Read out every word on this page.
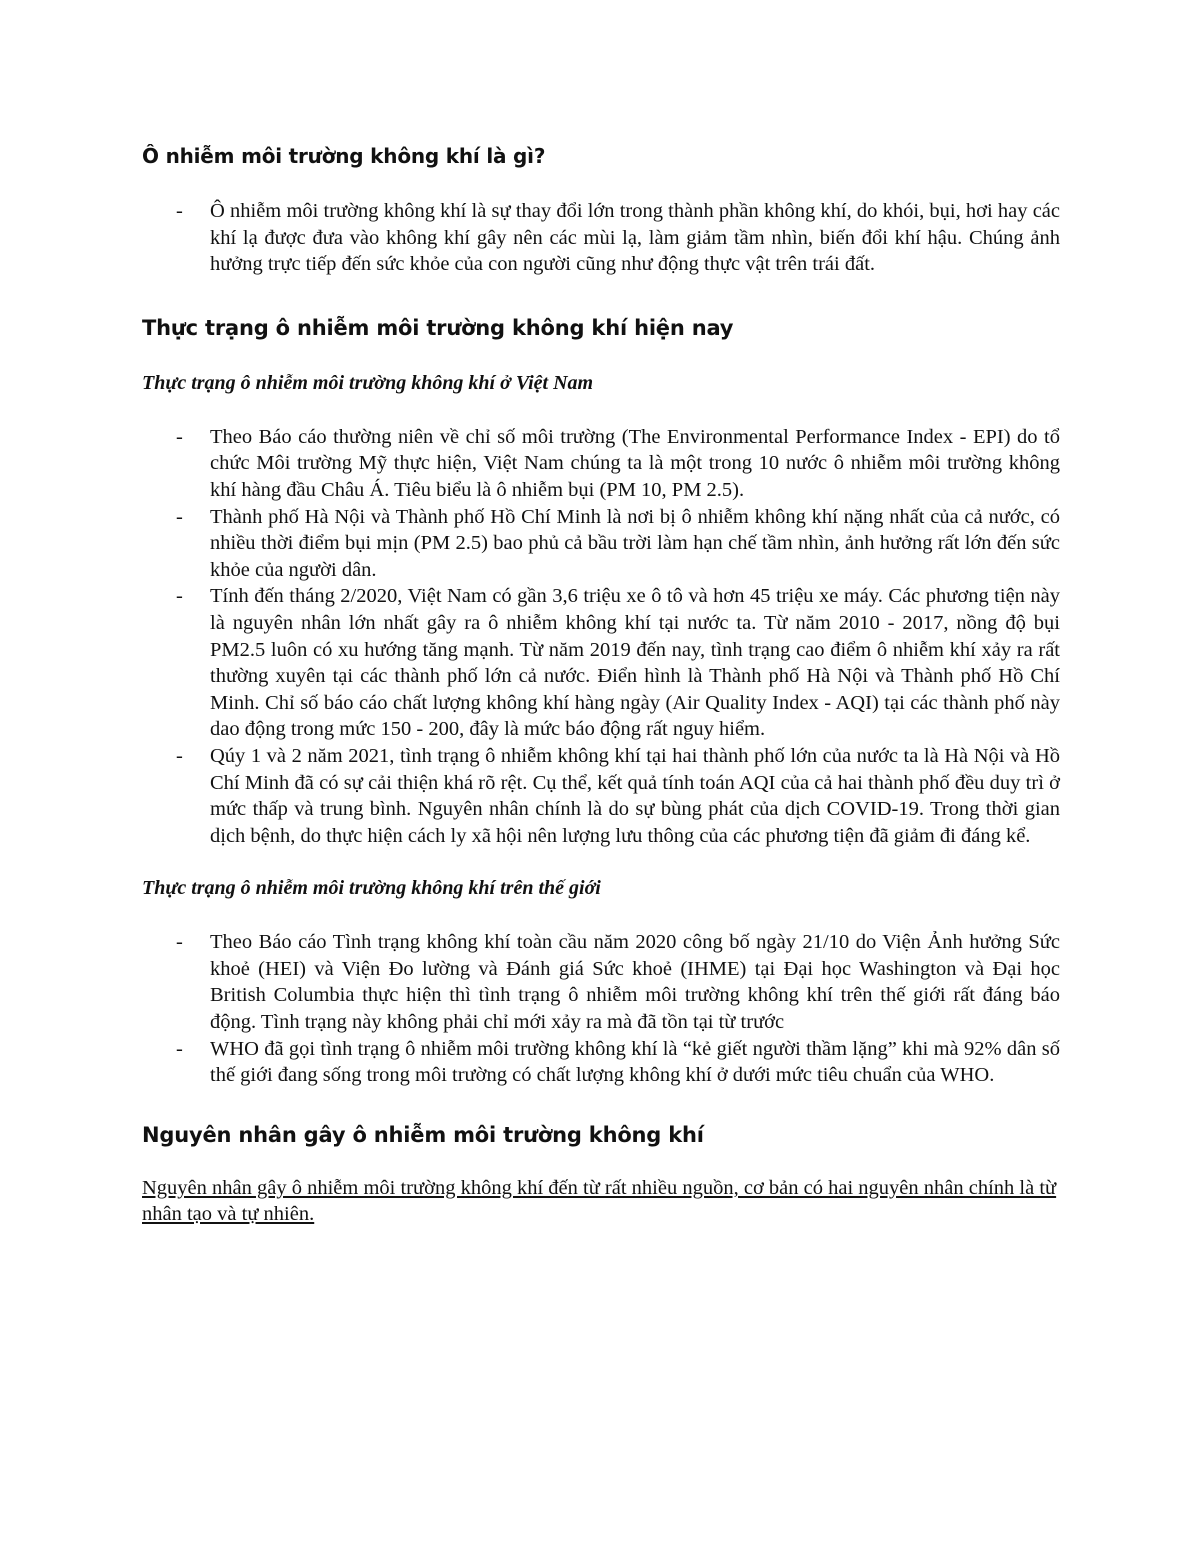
Ô nhiễm môi trường không khí là gì?
- Ô nhiễm môi trường không khí là sự thay đổi lớn trong thành phần không khí, do khói, bụi, hơi hay các khí lạ được đưa vào không khí gây nên các mùi lạ, làm giảm tầm nhìn, biến đổi khí hậu. Chúng ảnh hưởng trực tiếp đến sức khỏe của con người cũng như động thực vật trên trái đất.
Thực trạng ô nhiễm môi trường không khí hiện nay
Thực trạng ô nhiễm môi trường không khí ở Việt Nam
- Theo Báo cáo thường niên về chỉ số môi trường (The Environmental Performance Index - EPI) do tổ chức Môi trường Mỹ thực hiện, Việt Nam chúng ta là một trong 10 nước ô nhiễm môi trường không khí hàng đầu Châu Á. Tiêu biểu là ô nhiễm bụi (PM 10, PM 2.5).
- Thành phố Hà Nội và Thành phố Hồ Chí Minh là nơi bị ô nhiễm không khí nặng nhất của cả nước, có nhiều thời điểm bụi mịn (PM 2.5) bao phủ cả bầu trời làm hạn chế tầm nhìn, ảnh hưởng rất lớn đến sức khỏe của người dân.
- Tính đến tháng 2/2020, Việt Nam có gần 3,6 triệu xe ô tô và hơn 45 triệu xe máy. Các phương tiện này là nguyên nhân lớn nhất gây ra ô nhiễm không khí tại nước ta. Từ năm 2010 - 2017, nồng độ bụi PM2.5 luôn có xu hướng tăng mạnh. Từ năm 2019 đến nay, tình trạng cao điểm ô nhiễm khí xảy ra rất thường xuyên tại các thành phố lớn cả nước. Điển hình là Thành phố Hà Nội và Thành phố Hồ Chí Minh. Chỉ số báo cáo chất lượng không khí hàng ngày (Air Quality Index - AQI) tại các thành phố này dao động trong mức 150 - 200, đây là mức báo động rất nguy hiểm.
- Qúy 1 và 2 năm 2021, tình trạng ô nhiễm không khí tại hai thành phố lớn của nước ta là Hà Nội và Hồ Chí Minh đã có sự cải thiện khá rõ rệt. Cụ thể, kết quả tính toán AQI của cả hai thành phố đều duy trì ở mức thấp và trung bình. Nguyên nhân chính là do sự bùng phát của dịch COVID-19. Trong thời gian dịch bệnh, do thực hiện cách ly xã hội nên lượng lưu thông của các phương tiện đã giảm đi đáng kể.
Thực trạng ô nhiễm môi trường không khí trên thế giới
- Theo Báo cáo Tình trạng không khí toàn cầu năm 2020 công bố ngày 21/10 do Viện Ảnh hưởng Sức khoẻ (HEI) và Viện Đo lường và Đánh giá Sức khoẻ (IHME) tại Đại học Washington và Đại học British Columbia thực hiện thì tình trạng ô nhiễm môi trường không khí trên thế giới rất đáng báo động. Tình trạng này không phải chỉ mới xảy ra mà đã tồn tại từ trước
- WHO đã gọi tình trạng ô nhiễm môi trường không khí là “kẻ giết người thầm lặng” khi mà 92% dân số thế giới đang sống trong môi trường có chất lượng không khí ở dưới mức tiêu chuẩn của WHO.
Nguyên nhân gây ô nhiễm môi trường không khí

Nguyên nhân gây ô nhiễm môi trường không khí đến từ rất nhiều nguồn, cơ bản có hai nguyên nhân chính là từ nhân tạo và tự nhiên.
